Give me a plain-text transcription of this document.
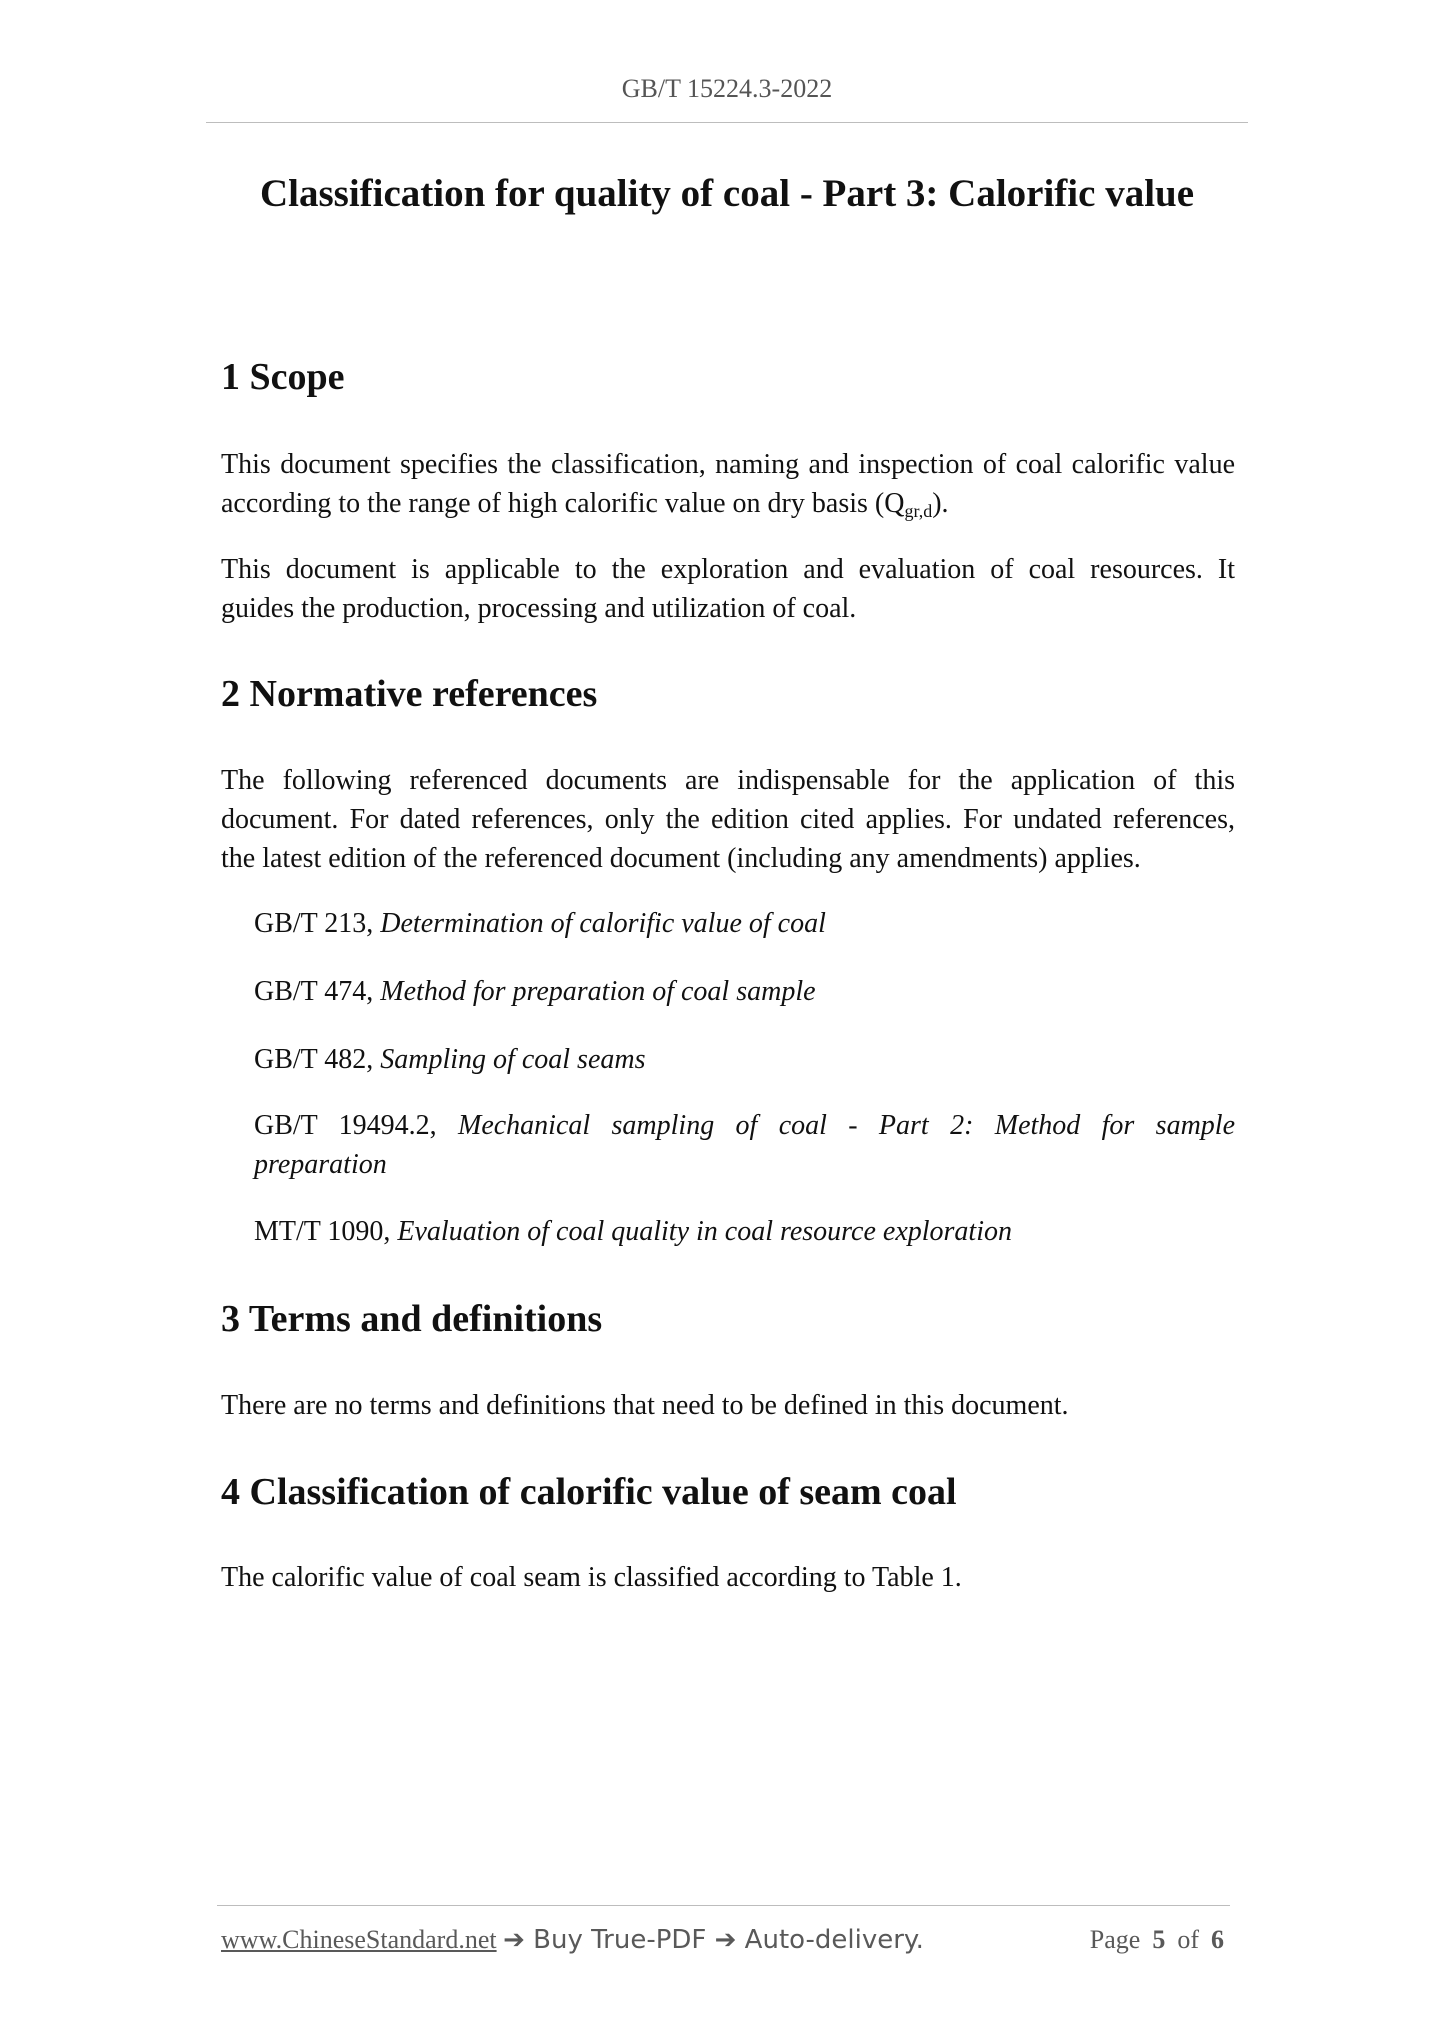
GB/T 15224.3-2022
Classification for quality of coal - Part 3: Calorific value
1 Scope
This document specifies the classification, naming and inspection of coal calorific value
according to the range of high calorific value on dry basis $(Q_{gr,d})$.
This document is applicable to the exploration and evaluation of coal resources. It
guides the production, processing and utilization of coal.
2 Normative references
The following referenced documents are indispensable for the application of this
document. For dated references, only the edition cited applies. For undated references,
the latest edition of the referenced document (including any amendments) applies.
GB/T 213, Determination of calorific value of coal
GB/T 474, Method for preparation of coal sample
GB/T 482, Sampling of coal seams
GB/T 19494.2, Mechanical sampling of coal - Part 2: Method for sample
preparation
MT/T 1090, Evaluation of coal quality in coal resource exploration
3 Terms and definitions
There are no terms and definitions that need to be defined in this document.
4 Classification of calorific value of seam coal
The calorific value of coal seam is classified according to Table 1.
www.ChineseStandard.net ➔ Buy True-PDF ➔ Auto-delivery.	Page 5 of 6
